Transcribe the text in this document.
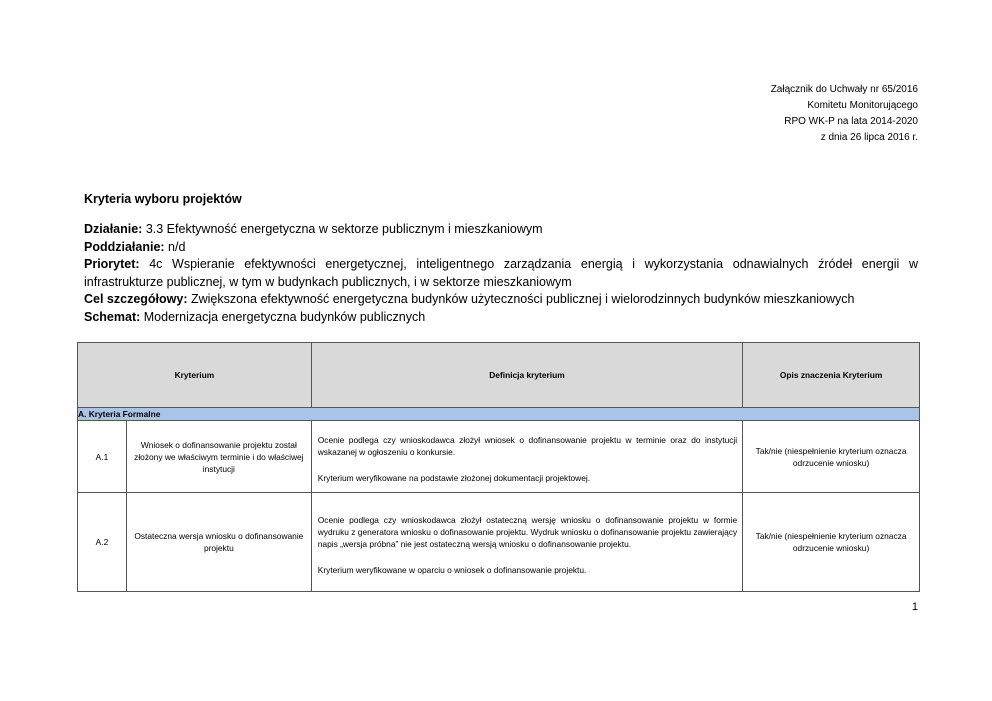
Załącznik do Uchwały nr 65/2016
Komitetu Monitorującego
RPO WK-P na lata 2014-2020
z dnia 26 lipca 2016 r.
Kryteria wyboru projektów
Działanie: 3.3 Efektywność energetyczna w sektorze publicznym i mieszkaniowym
Poddziałanie: n/d
Priorytet: 4c Wspieranie efektywności energetycznej, inteligentnego zarządzania energią i wykorzystania odnawialnych źródeł energii w infrastrukturze publicznej, w tym w budynkach publicznych, i w sektorze mieszkaniowym
Cel szczegółowy: Zwiększona efektywność energetyczna budynków użyteczności publicznej i wielorodzinnych budynków mieszkaniowych
Schemat: Modernizacja energetyczna budynków publicznych
Kryterium		Definicja kryterium	Opis znaczenia Kryterium
A. Kryteria Formalne			
A.1	Wniosek o dofinansowanie projektu został złożony we właściwym terminie i do właściwej instytucji	Ocenie podlega czy wnioskodawca złożył wniosek o dofinansowanie projektu w terminie oraz do instytucji wskazanej w ogłoszeniu o konkursie.

Kryterium weryfikowane na podstawie złożonej dokumentacji projektowej.	Tak/nie (niespełnienie kryterium oznacza odrzucenie wniosku)
A.2	Ostateczna wersja wniosku o dofinansowanie projektu	Ocenie podlega czy wnioskodawca złożył ostateczną wersję wniosku o dofinansowanie projektu w formie wydruku z generatora wniosku o dofinasowanie projektu. Wydruk wniosku o dofinansowanie projektu zawierający napis „wersja próbna” nie jest ostateczną wersją wniosku o dofinansowanie projektu.

Kryterium weryfikowane w oparciu o wniosek o dofinansowanie projektu.	Tak/nie (niespełnienie kryterium oznacza odrzucenie wniosku)
1
